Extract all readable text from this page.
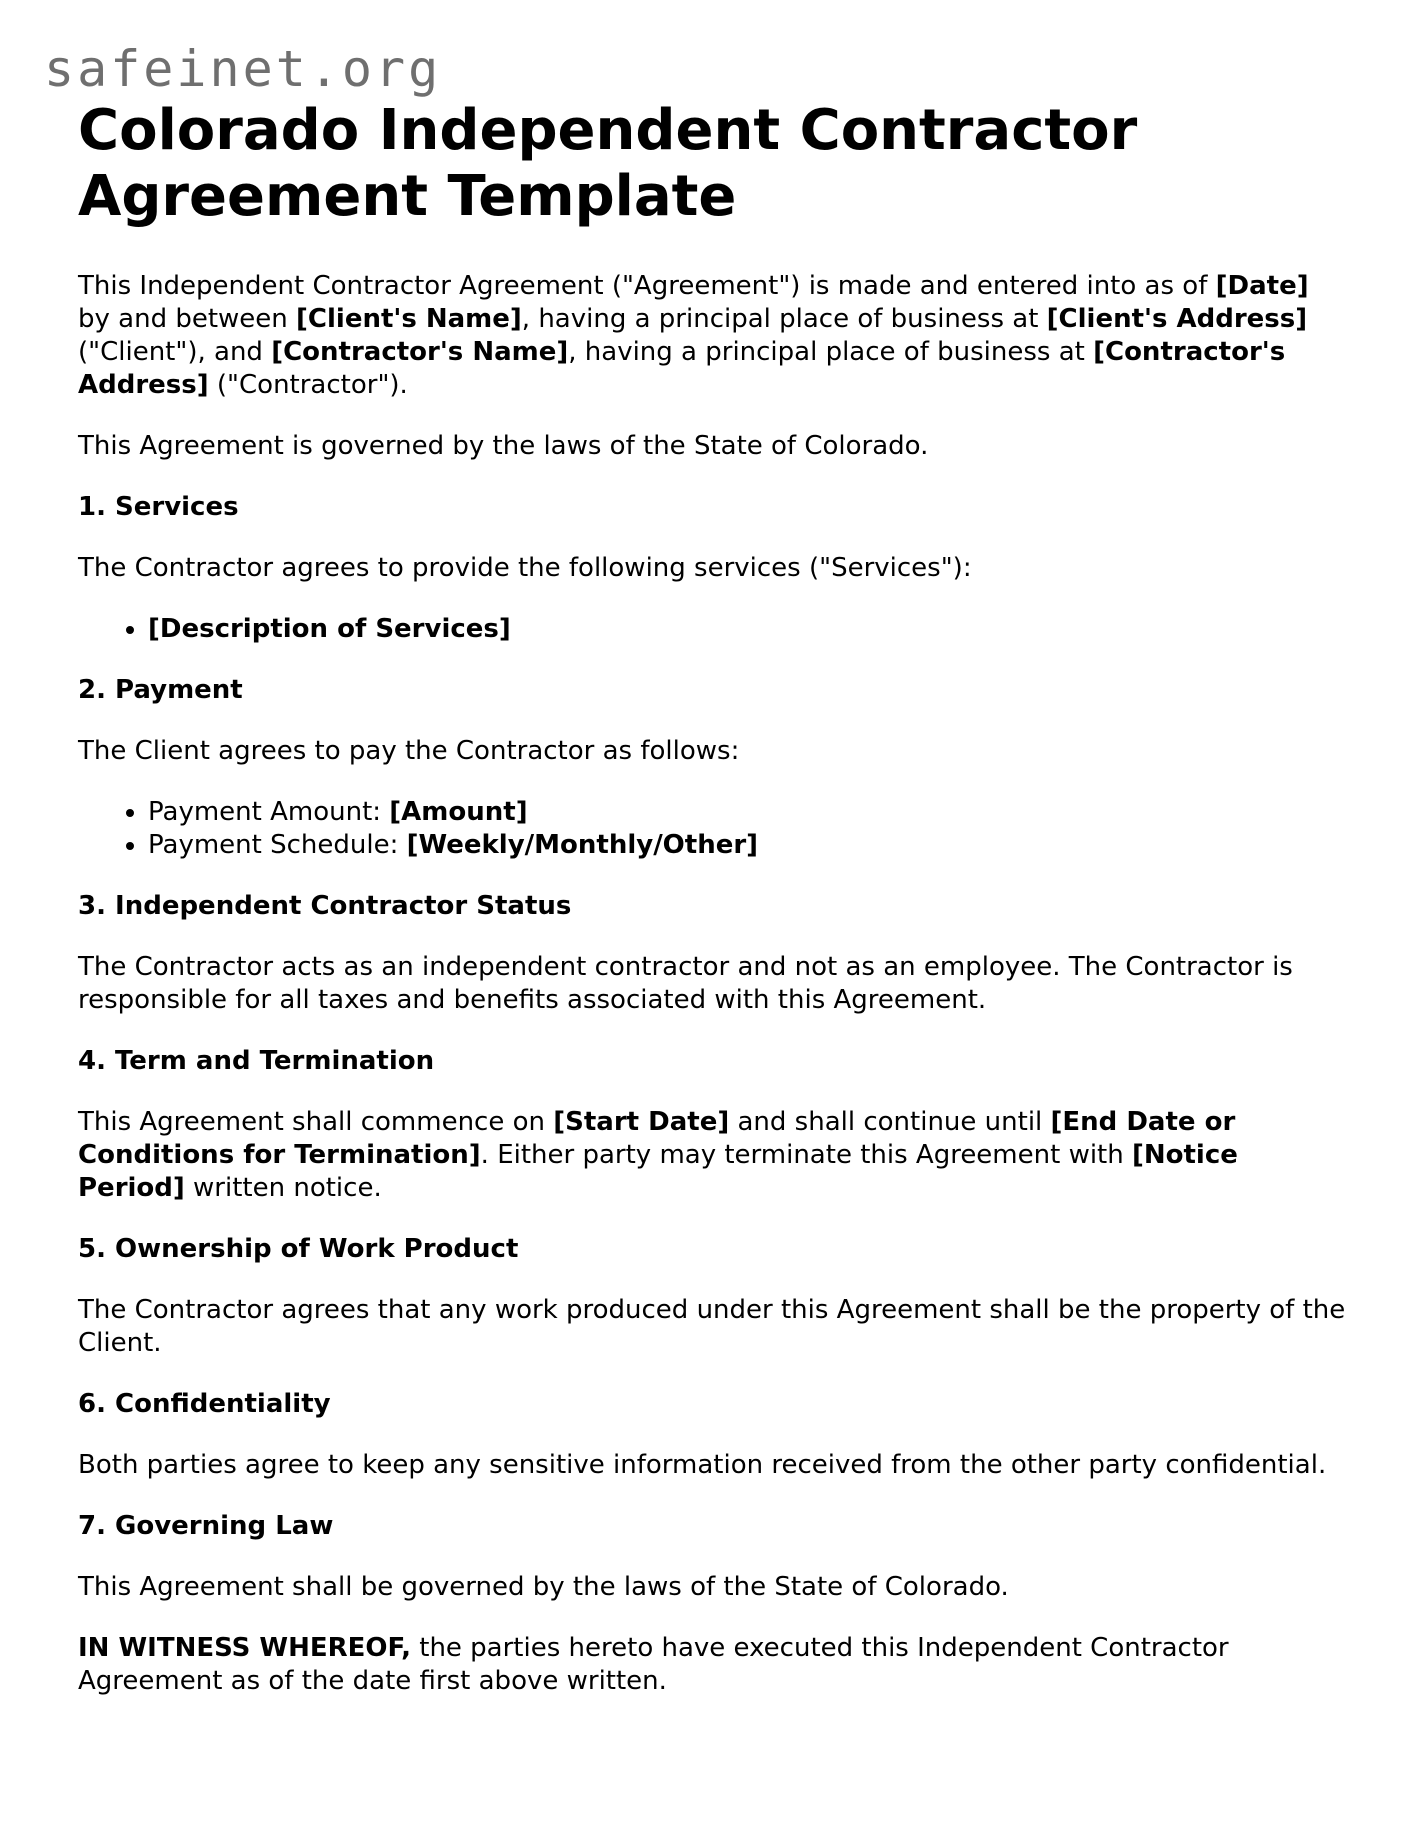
safeinet.org
Colorado Independent Contractor Agreement Template

This Independent Contractor Agreement ("Agreement") is made and entered into as of [Date] by and between [Client's Name], having a principal place of business at [Client's Address] ("Client"), and [Contractor's Name], having a principal place of business at [Contractor's Address] ("Contractor").

This Agreement is governed by the laws of the State of Colorado.

1. Services

The Contractor agrees to provide the following services ("Services"):

• [Description of Services]
2. Payment

The Client agrees to pay the Contractor as follows:

• Payment Amount: [Amount]
• Payment Schedule: [Weekly/Monthly/Other]
3. Independent Contractor Status

The Contractor acts as an independent contractor and not as an employee. The Contractor is responsible for all taxes and benefits associated with this Agreement.

4. Term and Termination

This Agreement shall commence on [Start Date] and shall continue until [End Date or Conditions for Termination]. Either party may terminate this Agreement with [Notice Period] written notice.

5. Ownership of Work Product

The Contractor agrees that any work produced under this Agreement shall be the property of the Client.

6. Confidentiality

Both parties agree to keep any sensitive information received from the other party confidential.

7. Governing Law

This Agreement shall be governed by the laws of the State of Colorado.

IN WITNESS WHEREOF, the parties hereto have executed this Independent Contractor Agreement as of the date first above written.
